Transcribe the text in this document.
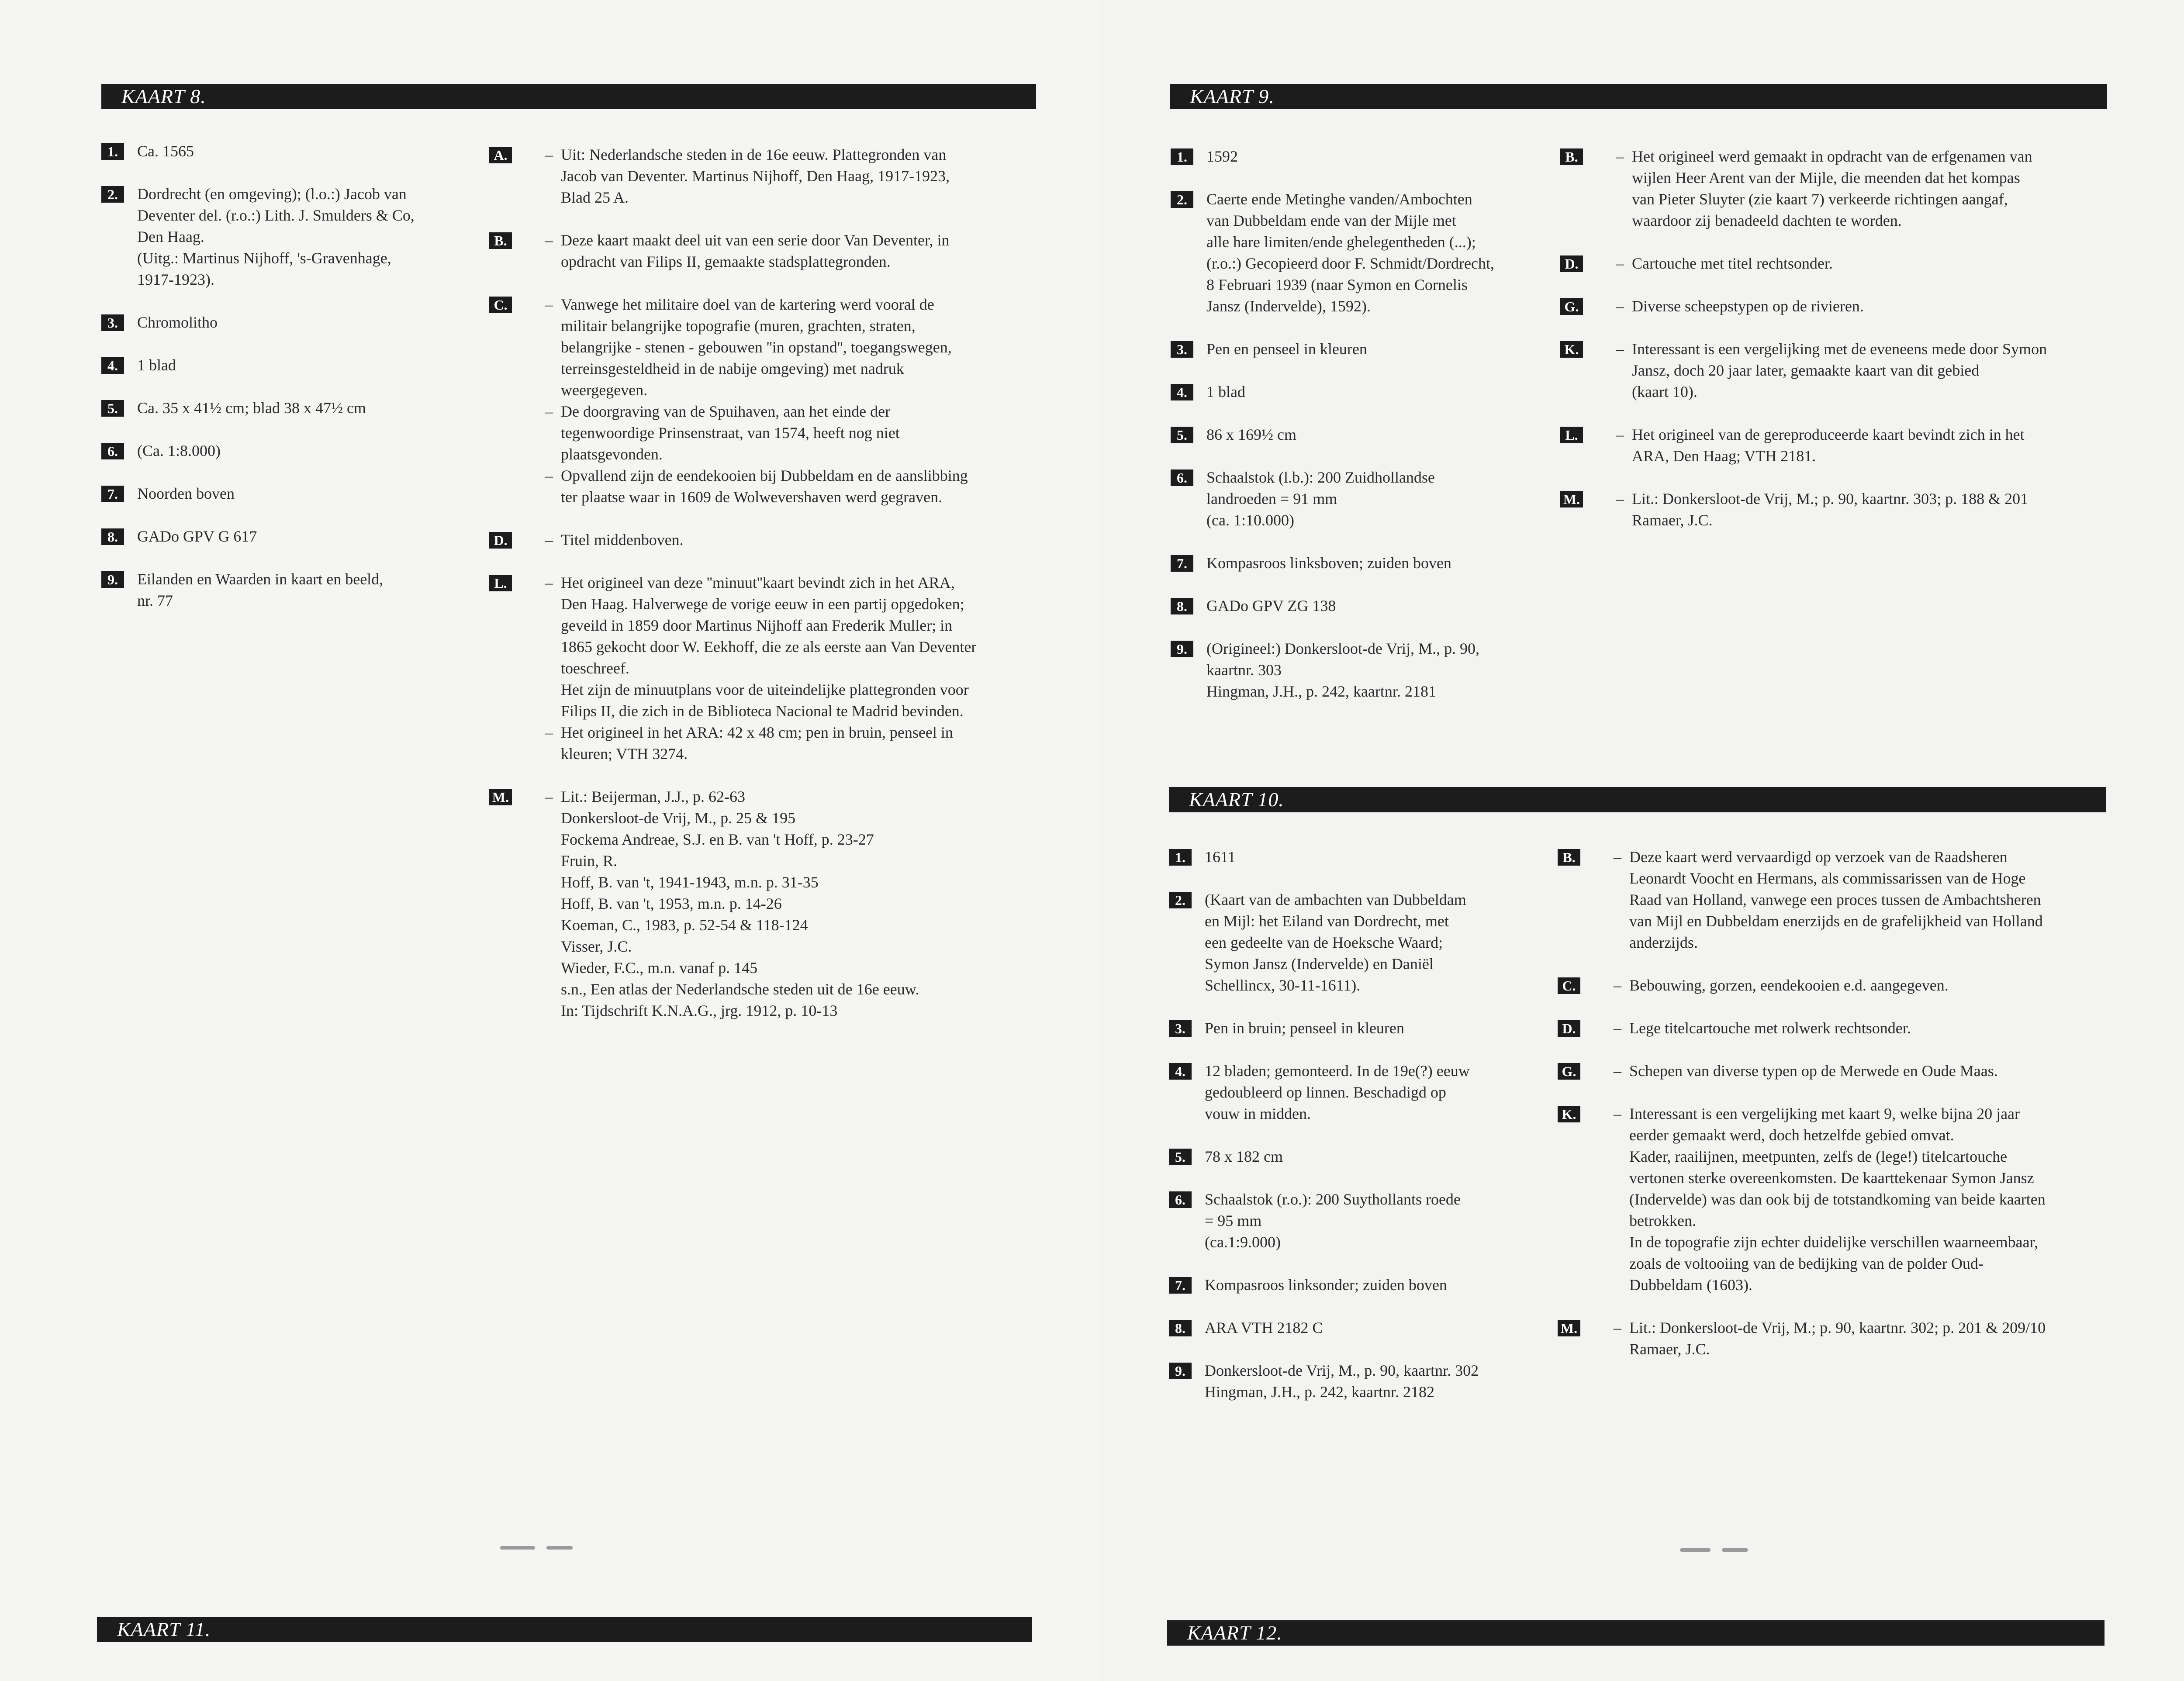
KAART 8.
1.	Ca. 1565
2.	Dordrecht (en omgeving); (l.o.:) Jacob van
Deventer del. (r.o.:) Lith. J. Smulders & Co,
Den Haag.
(Uitg.: Martinus Nijhoff, 's-Gravenhage,
1917-1923).
3.	Chromolitho
4.	1 blad
5.	Ca. 35 x 41½ cm; blad 38 x 47½ cm
6.	(Ca. 1:8.000)
7.	Noorden boven
8.	GADo GPV G 617
9.	Eilanden en Waarden in kaart en beeld,
nr. 77
A. – Uit: Nederlandsche steden in de 16e eeuw. Plattegronden van
Jacob van Deventer. Martinus Nijhoff, Den Haag, 1917-1923,
Blad 25 A.
B.	– Deze kaart maakt deel uit van een serie door Van Deventer, in
opdracht van Filips II, gemaakte stadsplattegronden.
C. – Vanwege het militaire doel van de kartering werd vooral de
militair belangrijke topografie (muren, grachten, straten,
belangrijke - stenen - gebouwen ''in opstand'', toegangswegen,
terreinsgesteldheid in de nabije omgeving) met nadruk
weergegeven.
– De doorgraving van de Spuihaven, aan het einde der
tegenwoordige Prinsenstraat, van 1574, heeft nog niet
plaatsgevonden.
– Opvallend zijn de eendekooien bij Dubbeldam en de aanslibbing
ter plaatse waar in 1609 de Wolwevershaven werd gegraven.
D. – Titel middenboven.
L.	– Het origineel van deze ''minuut''kaart bevindt zich in het ARA,
Den Haag. Halverwege de vorige eeuw in een partij opgedoken;
geveild in 1859 door Martinus Nijhoff aan Frederik Muller; in
1865 gekocht door W. Eekhoff, die ze als eerste aan Van Deventer
toeschreef.
Het zijn de minuutplans voor de uiteindelijke plattegronden voor
Filips II, die zich in de Biblioteca Nacional te Madrid bevinden.
– Het origineel in het ARA: 42 x 48 cm; pen in bruin, penseel in
kleuren; VTH 3274.
M. – Lit.: Beijerman, J.J., p. 62-63
Donkersloot-de Vrij, M., p. 25 & 195
Fockema Andreae, S.J. en B. van 't Hoff, p. 23-27
Fruin, R.
Hoff, B. van 't, 1941-1943, m.n. p. 31-35
Hoff, B. van 't, 1953, m.n. p. 14-26
Koeman, C., 1983, p. 52-54 & 118-124
Visser, J.C.
Wieder, F.C., m.n. vanaf p. 145
s.n., Een atlas der Nederlandsche steden uit de 16e eeuw.
In: Tijdschrift K.N.A.G., jrg. 1912, p. 10-13
KAART 11.
KAART 9.
1.	1592
2.	Caerte ende Metinghe vanden/Ambochten
van Dubbeldam ende van der Mijle met
alle hare limiten/ende ghelegentheden (...);
(r.o.:) Gecopieerd door F. Schmidt/Dordrecht,
8 Februari 1939 (naar Symon en Cornelis
Jansz (Indervelde), 1592).
3.	Pen en penseel in kleuren
4.	1 blad
5.	86 x 169½ cm
6.	Schaalstok (l.b.): 200 Zuidhollandse
landroeden = 91 mm
(ca. 1:10.000)
7.	Kompasroos linksboven; zuiden boven
8.	GADo GPV ZG 138
9.	(Origineel:) Donkersloot-de Vrij, M., p. 90,
kaartnr. 303
Hingman, J.H., p. 242, kaartnr. 2181
B.	– Het origineel werd gemaakt in opdracht van de erfgenamen van
wijlen Heer Arent van der Mijle, die meenden dat het kompas
van Pieter Sluyter (zie kaart 7) verkeerde richtingen aangaf,
waardoor zij benadeeld dachten te worden.
D. – Cartouche met titel rechtsonder.
G. – Diverse scheepstypen op de rivieren.
K. – Interessant is een vergelijking met de eveneens mede door Symon
Jansz, doch 20 jaar later, gemaakte kaart van dit gebied
(kaart 10).
L.	– Het origineel van de gereproduceerde kaart bevindt zich in het
ARA, Den Haag; VTH 2181.
M. – Lit.: Donkersloot-de Vrij, M.; p. 90, kaartnr. 303; p. 188 & 201
Ramaer, J.C.
KAART 10.
1.	1611
2.	(Kaart van de ambachten van Dubbeldam
en Mijl: het Eiland van Dordrecht, met
een gedeelte van de Hoeksche Waard;
Symon Jansz (Indervelde) en Daniël
Schellincx, 30-11-1611).
3.	Pen in bruin; penseel in kleuren
4.	12 bladen; gemonteerd. In de 19e(?) eeuw
gedoubleerd op linnen. Beschadigd op
vouw in midden.
5.	78 x 182 cm
6.	Schaalstok (r.o.): 200 Suythollants roede
= 95 mm
(ca.1:9.000)
7.	Kompasroos linksonder; zuiden boven
8.	ARA VTH 2182 C
9.	Donkersloot-de Vrij, M., p. 90, kaartnr. 302
Hingman, J.H., p. 242, kaartnr. 2182
B.	– Deze kaart werd vervaardigd op verzoek van de Raadsheren
Leonardt Voocht en Hermans, als commissarissen van de Hoge
Raad van Holland, vanwege een proces tussen de Ambachtsheren
van Mijl en Dubbeldam enerzijds en de grafelijkheid van Holland
anderzijds.
C. – Bebouwing, gorzen, eendekooien e.d. aangegeven.
D. – Lege titelcartouche met rolwerk rechtsonder.
G. – Schepen van diverse typen op de Merwede en Oude Maas.
K. – Interessant is een vergelijking met kaart 9, welke bijna 20 jaar
eerder gemaakt werd, doch hetzelfde gebied omvat.
Kader, raailijnen, meetpunten, zelfs de (lege!) titelcartouche
vertonen sterke overeenkomsten. De kaarttekenaar Symon Jansz
(Indervelde) was dan ook bij de totstandkoming van beide kaarten
betrokken.
In de topografie zijn echter duidelijke verschillen waarneembaar,
zoals de voltooiing van de bedijking van de polder Oud-
Dubbeldam (1603).
M. – Lit.: Donkersloot-de Vrij, M.; p. 90, kaartnr. 302; p. 201 & 209/10
Ramaer, J.C.
KAART 12.
